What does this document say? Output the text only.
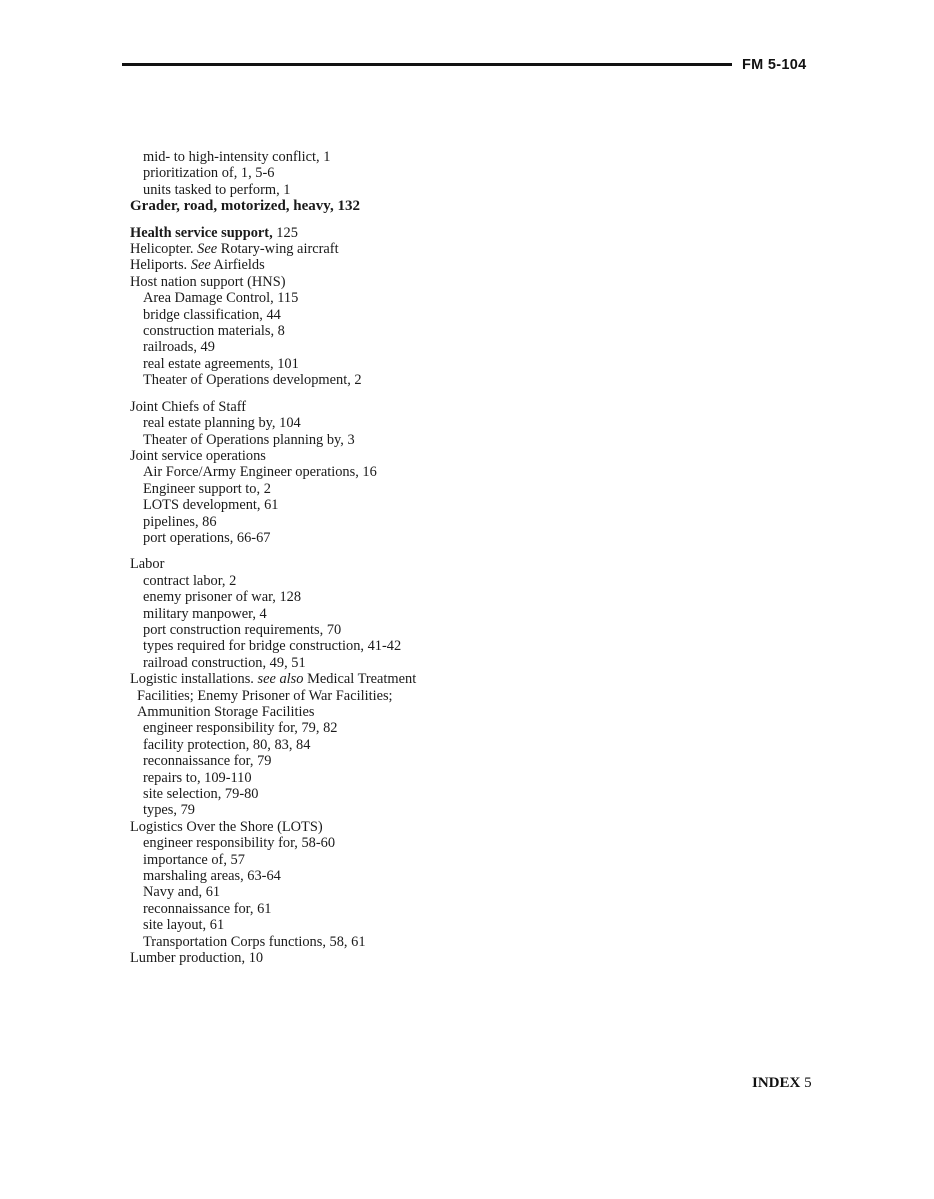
FM 5-104
mid- to high-intensity conflict, 1
prioritization of, 1, 5-6
units tasked to perform, 1
Grader, road, motorized, heavy, 132
Health service support, 125
Helicopter. See Rotary-wing aircraft
Heliports. See Airfields
Host nation support (HNS)
Area Damage Control, 115
bridge classification, 44
construction materials, 8
railroads, 49
real estate agreements, 101
Theater of Operations development, 2
Joint Chiefs of Staff
real estate planning by, 104
Theater of Operations planning by, 3
Joint service operations
Air Force/Army Engineer operations, 16
Engineer support to, 2
LOTS development, 61
pipelines, 86
port operations, 66-67
Labor
contract labor, 2
enemy prisoner of war, 128
military manpower, 4
port construction requirements, 70
types required for bridge construction, 41-42
railroad construction, 49, 51
Logistic installations. see also Medical Treatment
Facilities; Enemy Prisoner of War Facilities;
Ammunition Storage Facilities
engineer responsibility for, 79, 82
facility protection, 80, 83, 84
reconnaissance for, 79
repairs to, 109-110
site selection, 79-80
types, 79
Logistics Over the Shore (LOTS)
engineer responsibility for, 58-60
importance of, 57
marshaling areas, 63-64
Navy and, 61
reconnaissance for, 61
site layout, 61
Transportation Corps functions, 58, 61
Lumber production, 10
INDEX 5
